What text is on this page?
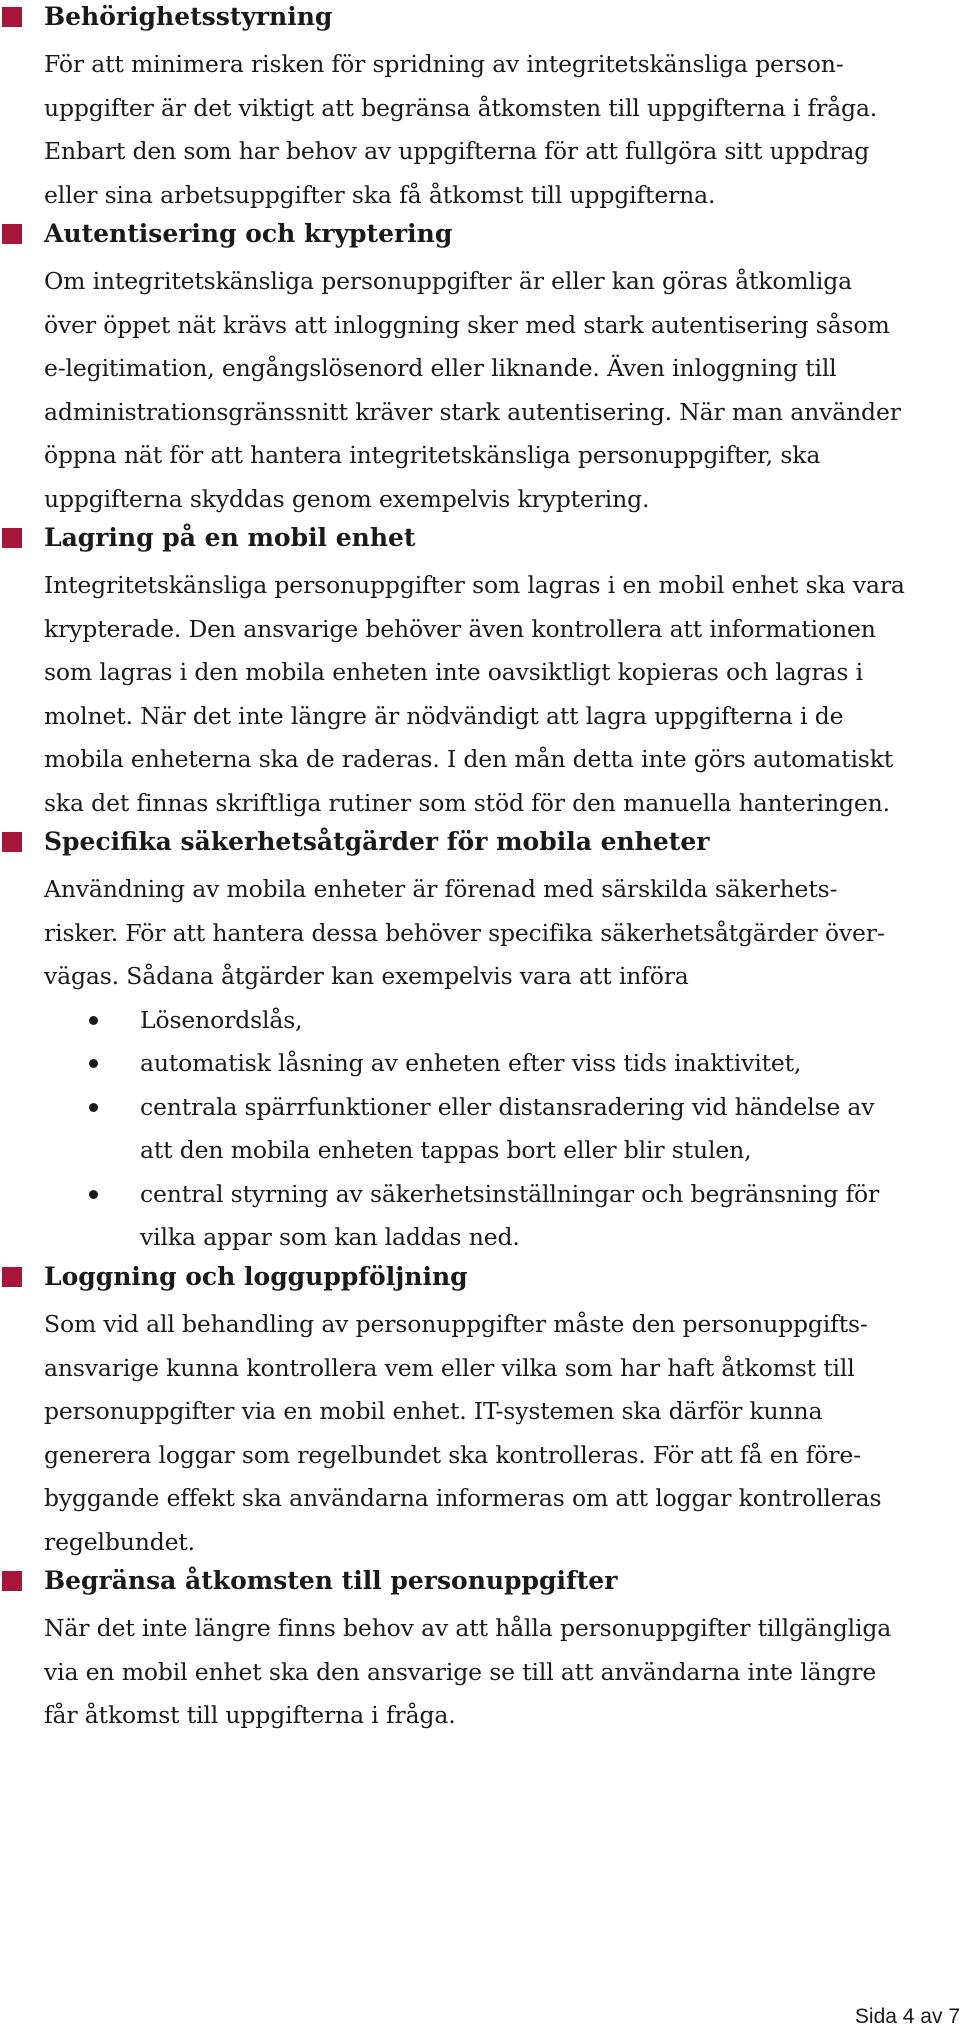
Behörighetsstyrning
För att minimera risken för spridning av integritetskänsliga person-
uppgifter är det viktigt att begränsa åtkomsten till uppgifterna i fråga.
Enbart den som har behov av uppgifterna för att fullgöra sitt uppdrag
eller sina arbetsuppgifter ska få åtkomst till uppgifterna.
Autentisering och kryptering
Om integritetskänsliga personuppgifter är eller kan göras åtkomliga
över öppet nät krävs att inloggning sker med stark autentisering såsom
e-legitimation, engångslösenord eller liknande. Även inloggning till
administrationsgränssnitt kräver stark autentisering. När man använder
öppna nät för att hantera integritetskänsliga personuppgifter, ska
uppgifterna skyddas genom exempelvis kryptering.
Lagring på en mobil enhet
Integritetskänsliga personuppgifter som lagras i en mobil enhet ska vara
krypterade. Den ansvarige behöver även kontrollera att informationen
som lagras i den mobila enheten inte oavsiktligt kopieras och lagras i
molnet. När det inte längre är nödvändigt att lagra uppgifterna i de
mobila enheterna ska de raderas. I den mån detta inte görs automatiskt
ska det finnas skriftliga rutiner som stöd för den manuella hanteringen.
Specifika säkerhetsåtgärder för mobila enheter
Användning av mobila enheter är förenad med särskilda säkerhets-
risker. För att hantera dessa behöver specifika säkerhetsåtgärder över-
vägas. Sådana åtgärder kan exempelvis vara att införa
Lösenordslås,
automatisk låsning av enheten efter viss tids inaktivitet,
centrala spärrfunktioner eller distansradering vid händelse av
att den mobila enheten tappas bort eller blir stulen,
central styrning av säkerhetsinställningar och begränsning för
vilka appar som kan laddas ned.
Loggning och logguppföljning
Som vid all behandling av personuppgifter måste den personuppgifts-
ansvarige kunna kontrollera vem eller vilka som har haft åtkomst till
personuppgifter via en mobil enhet. IT-systemen ska därför kunna
generera loggar som regelbundet ska kontrolleras. För att få en före-
byggande effekt ska användarna informeras om att loggar kontrolleras
regelbundet.
Begränsa åtkomsten till personuppgifter
När det inte längre finns behov av att hålla personuppgifter tillgängliga
via en mobil enhet ska den ansvarige se till att användarna inte längre
får åtkomst till uppgifterna i fråga.
Sida 4 av 7
